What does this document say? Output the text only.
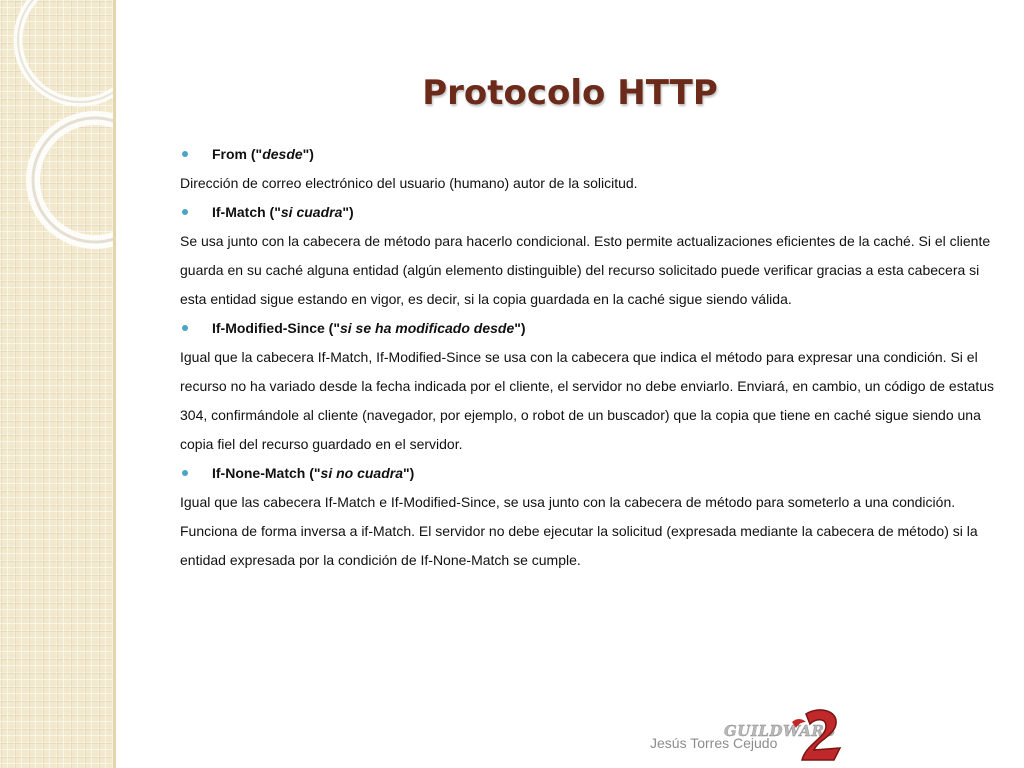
Protocolo HTTP
From ("desde")

Dirección de correo electrónico del usuario (humano) autor de la solicitud.

If-Match ("si cuadra")

Se usa junto con la cabecera de método para hacerlo condicional. Esto permite actualizaciones eficientes de la caché. Si el cliente guarda en su caché alguna entidad (algún elemento distinguible) del recurso solicitado puede verificar gracias a esta cabecera si esta entidad sigue estando en vigor, es decir, si la copia guardada en la caché sigue siendo válida.

If-Modified-Since ("si se ha modificado desde")

Igual que la cabecera If-Match, If-Modified-Since se usa con la cabecera que indica el método para expresar una condición. Si el recurso no ha variado desde la fecha indicada por el cliente, el servidor no debe enviarlo. Enviará, en cambio, un código de estatus 304, confirmándole al cliente (navegador, por ejemplo, o robot de un buscador) que la copia que tiene en caché sigue siendo una copia fiel del recurso guardado en el servidor.

If-None-Match ("si no cuadra")

Igual que las cabecera If-Match e If-Modified-Since, se usa junto con la cabecera de método para someterlo a una condición. Funciona de forma inversa a if-Match. El servidor no debe ejecutar la solicitud (expresada mediante la cabecera de método) si la entidad expresada por la condición de If-None-Match se cumple.

GUILDWARS
Jesús Torres Cejudo
